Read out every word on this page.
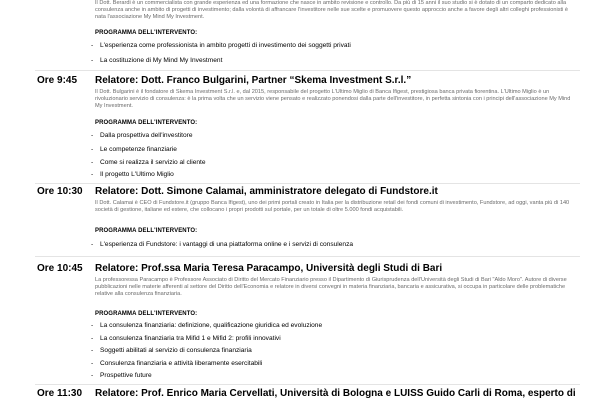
Il Dott. Berardi è un commercialista con grande esperienza ed una formazione che nasce in ambito revisione e controllo. Da più di 15 anni il suo studio si è dotato di un comparto dedicato alla consulenza anche in ambito di progetti di investimento; dalla volontà di affrancare l'investitore nelle sue scelte e promuovere questo approccio anche a favore degli altri colleghi professionisti è nata l'associazione My Mind My Investment.

PROGRAMMA DELL'INTERVENTO:
- L'esperienza come professionista in ambito progetti di investimento dei soggetti privati
- La costituzione di My Mind My Investment
Ore 9:45 Relatore: Dott. Franco Bulgarini, Partner “Skema Investment S.r.l.”

Il Dott. Bulgarini è il fondatore di Skema Investment S.r.l. e, dal 2015, responsabile del progetto L'Ultimo Miglio di Banca Ifigest, prestigiosa banca privata fiorentina. L'Ultimo Miglio è un rivoluzionario servizio di consulenza: è la prima volta che un servizio viene pensato e realizzato ponendosi dalla parte dell'investitore, in perfetta sintonia con i principi dell'associazione My Mind My Investment.

PROGRAMMA DELL'INTERVENTO:
- Dalla prospettiva dell'investitore
- Le competenze finanziarie
- Come si realizza il servizio al cliente
- Il progetto L'Ultimo Miglio
Ore 10:30 Relatore: Dott. Simone Calamai, amministratore delegato di Fundstore.it

Il Dott. Calamai è CEO di Fundstore.it (gruppo Banca Ifigest), uno dei primi portali creato in Italia per la distribuzione retail dei fondi comuni di investimento, Fundstore, ad oggi, vanta più di 140 società di gestione, italiane ed estere, che collocano i propri prodotti sul portale, per un totale di oltre 5.000 fondi acquistabili.

PROGRAMMA DELL'INTERVENTO:
- L'esperienza di Fundstore: i vantaggi di una piattaforma online e i servizi di consulenza
Ore 10:45 Relatore: Prof.ssa Maria Teresa Paracampo, Università degli Studi di Bari

La professoressa Paracampo è Professore Associato di Diritto del Mercato Finanziario presso il Dipartimento di Giurisprudenza dell'Università degli Studi di Bari "Aldo Moro". Autore di diverse pubblicazioni nelle materie afferenti al settore del Diritto dell'Economia e relatore in diversi convegni in materia finanziaria, bancaria e assicurativa, si occupa in particolare delle problematiche relative alla consulenza finanziaria.

PROGRAMMA DELL'INTERVENTO:
- La consulenza finanziaria: definizione, qualificazione giuridica ed evoluzione
- La consulenza finanziaria tra Mifid 1 e Mifid 2: profili innovativi
- Soggetti abilitati al servizio di consulenza finanziaria
- Consulenza finanziaria e attività liberamente esercitabili
- Prospettive future
Ore 11:30 Relatore: Prof. Enrico Maria Cervellati, Università di Bologna e LUISS Guido Carli di Roma, esperto di
